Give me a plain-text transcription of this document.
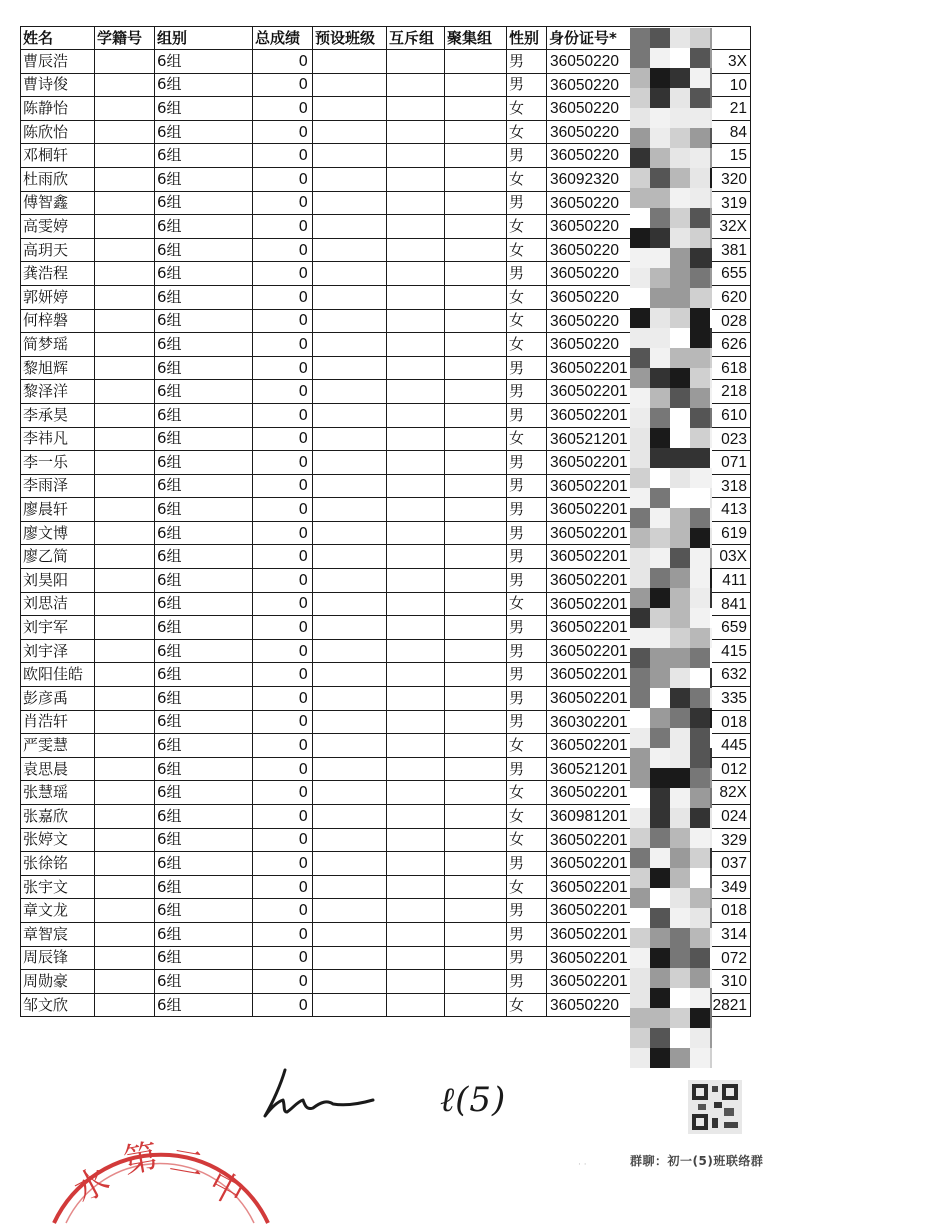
姓名	学籍号	组别	总成绩	预设班级	互斥组	聚集组	性别	身份证号*
曹辰浩		6组	0				男	36050220 3X

曹诗俊		6组	0				男	36050220 10

陈静怡		6组	0				女	36050220 21

陈欣怡		6组	0				女	36050220 84

邓桐轩		6组	0				男	36050220 15

杜雨欣		6组	0				女	36092320 320

傅智鑫		6组	0				男	36050220 319

高雯婷		6组	0				女	36050220 32X

高玥天		6组	0				女	36050220 381

龚浩程		6组	0				男	36050220 655

郭妍婷		6组	0				女	36050220 620

何梓磐		6组	0				女	36050220 028

简梦瑶		6组	0				女	36050220 626

黎旭辉		6组	0				男	360502201 618

黎泽洋		6组	0				男	360502201 218

李承昊		6组	0				男	360502201 610

李祎凡		6组	0				女	360521201 023

李一乐		6组	0				男	360502201 071

李雨泽		6组	0				男	360502201 318

廖晨轩		6组	0				男	360502201 413

廖文博		6组	0				男	360502201 619

廖乙简		6组	0				男	360502201 03X

刘昊阳		6组	0				男	360502201 411

刘思洁		6组	0				女	360502201 841

刘宇军		6组	0				男	360502201 659

刘宇泽		6组	0				男	360502201 415

欧阳佳皓		6组	0				男	360502201 632

彭彦禹		6组	0				男	360502201 335

肖浩轩		6组	0				男	360302201 018

严雯慧		6组	0				女	360502201 445

袁思晨		6组	0				男	360521201 012

张慧瑶		6组	0				女	360502201 82X

张嘉欣		6组	0				女	360981201 024

张婷文		6组	0				女	360502201 329

张徐铭		6组	0				男	360502201 037

张宇文		6组	0				女	360502201 349

章文龙		6组	0				男	360502201 018

章智宸		6组	0				男	360502201 314

周辰锋		6组	0				男	360502201 072

周勋豪		6组	0				男	360502201 310

邹文欣		6组	0				女	36050220 2821
ℓ(5)
水
第 二
中	· ·	群聊：初一(5)班联络群
